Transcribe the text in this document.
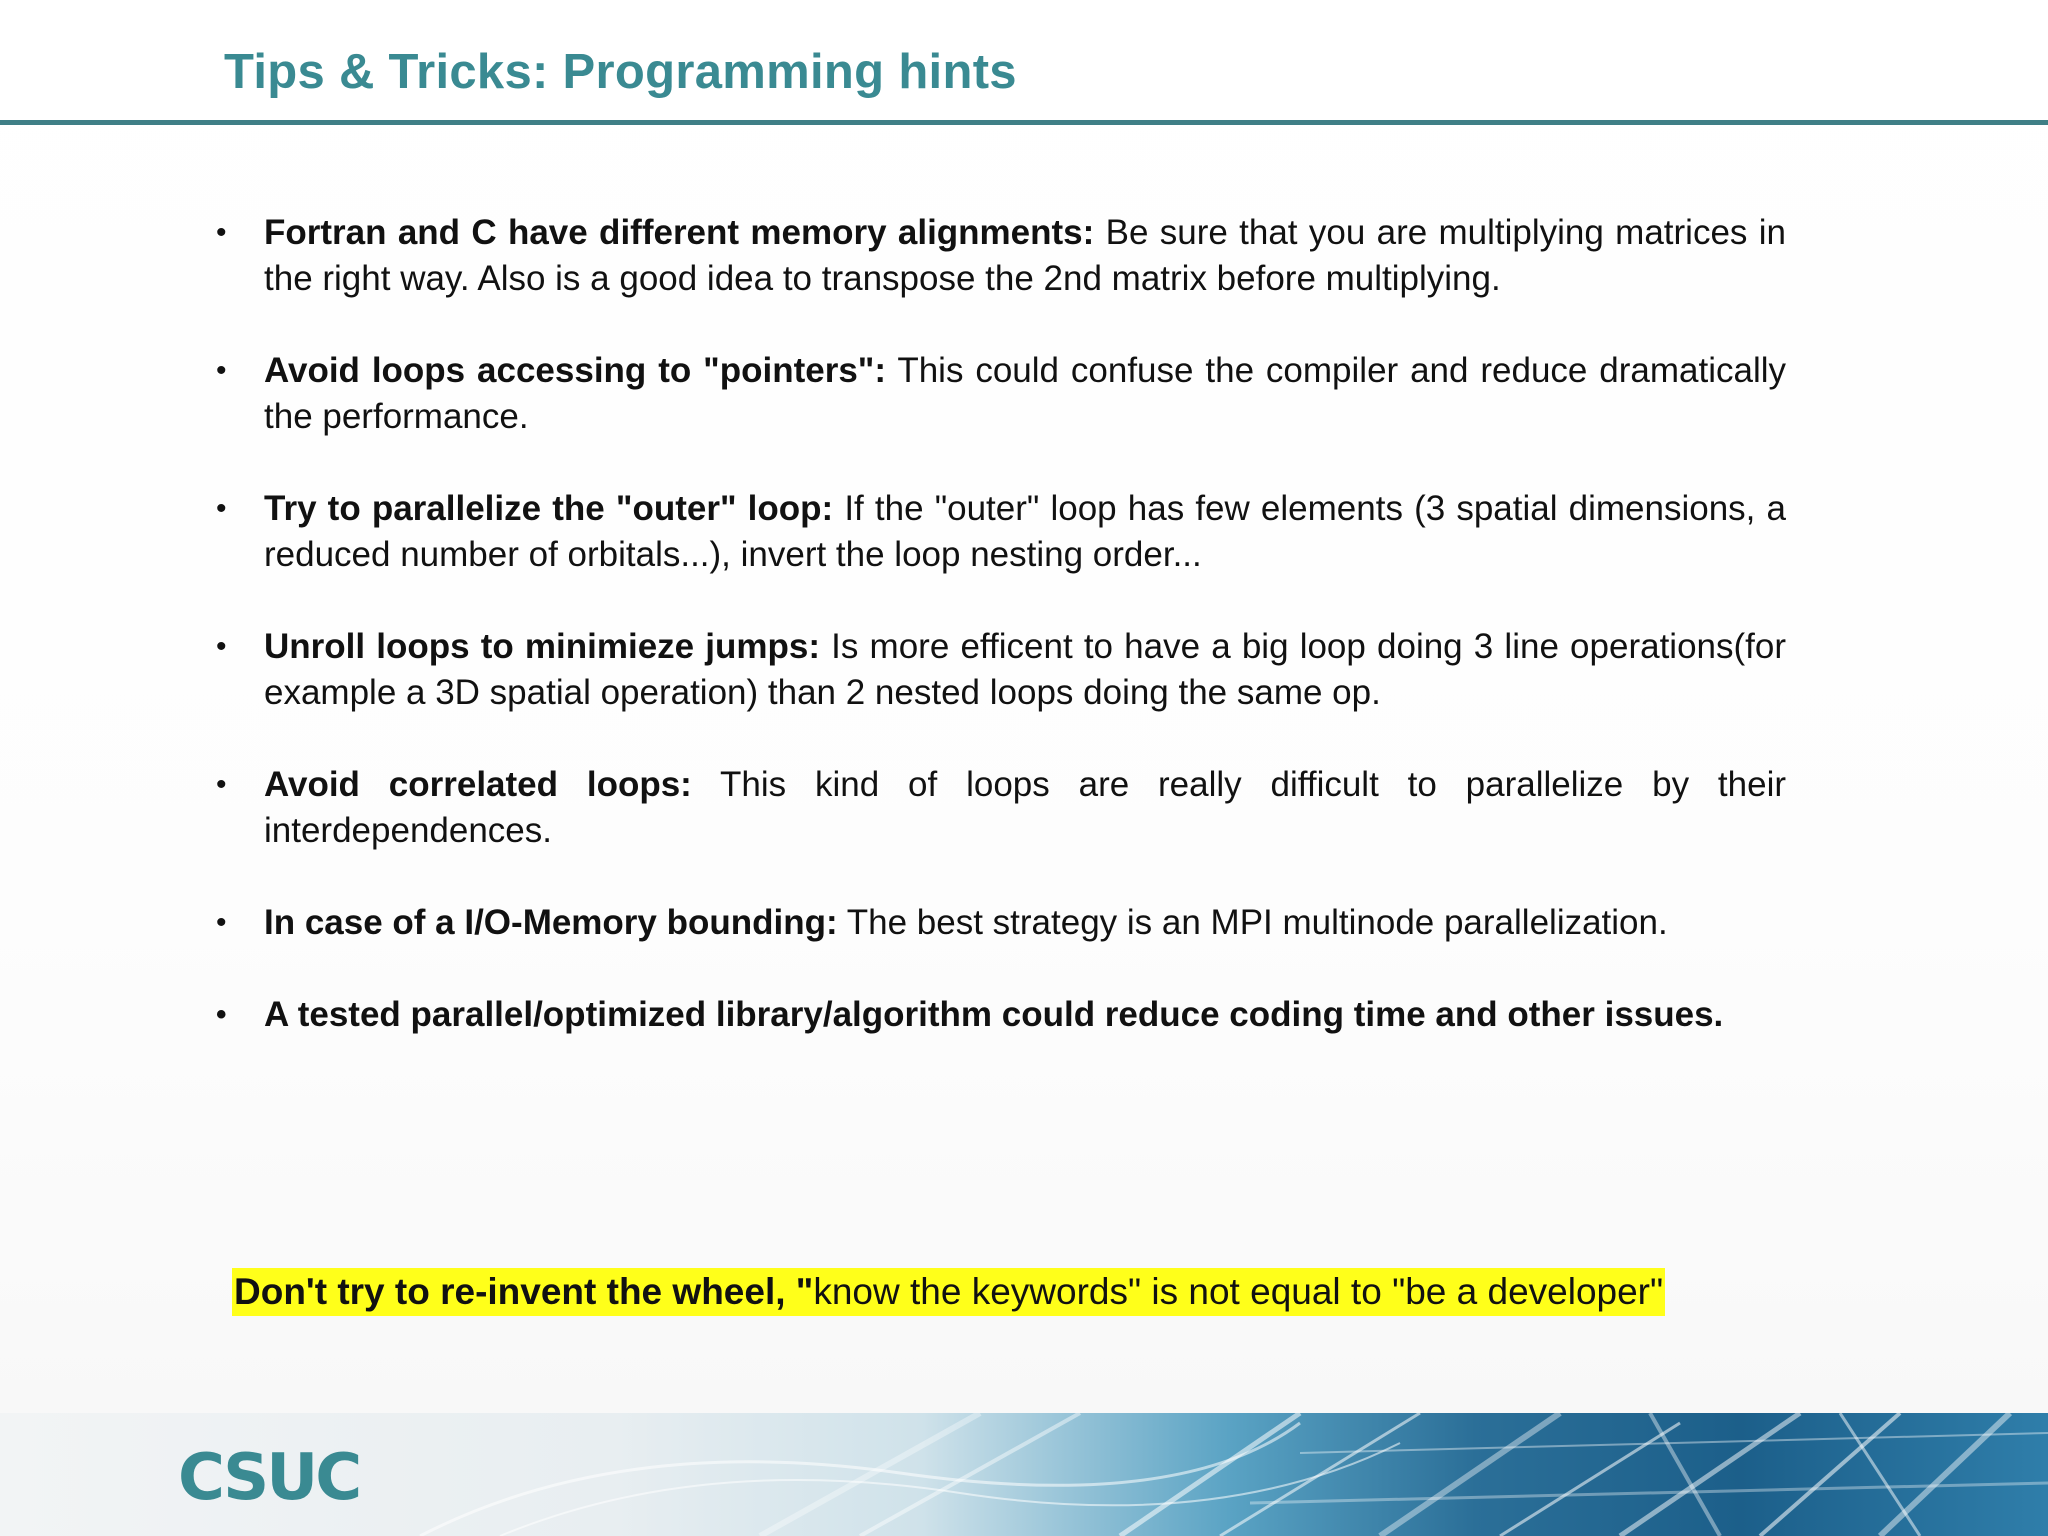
Tips & Tricks: Programming hints

• Fortran and C have different memory alignments: Be sure that you are multiplying matrices in the right way. Also is a good idea to transpose the 2nd matrix before multiplying.

• Avoid loops accessing to "pointers": This could confuse the compiler and reduce dramatically the performance.

• Try to parallelize the "outer" loop: If the "outer" loop has few elements (3 spatial dimensions, a reduced number of orbitals...), invert the loop nesting order...

• Unroll loops to minimieze jumps: Is more efficent to have a big loop doing 3 line operations(for example a 3D spatial operation) than 2 nested loops doing the same op.

• Avoid correlated loops: This kind of loops are really difficult to parallelize by their interdependences.

• In case of a I/O-Memory bounding: The best strategy is an MPI multinode parallelization.

• A tested parallel/optimized library/algorithm could reduce coding time and other issues.

Don't try to re-invent the wheel, "know the keywords" is not equal to "be a developer"
CSUC
